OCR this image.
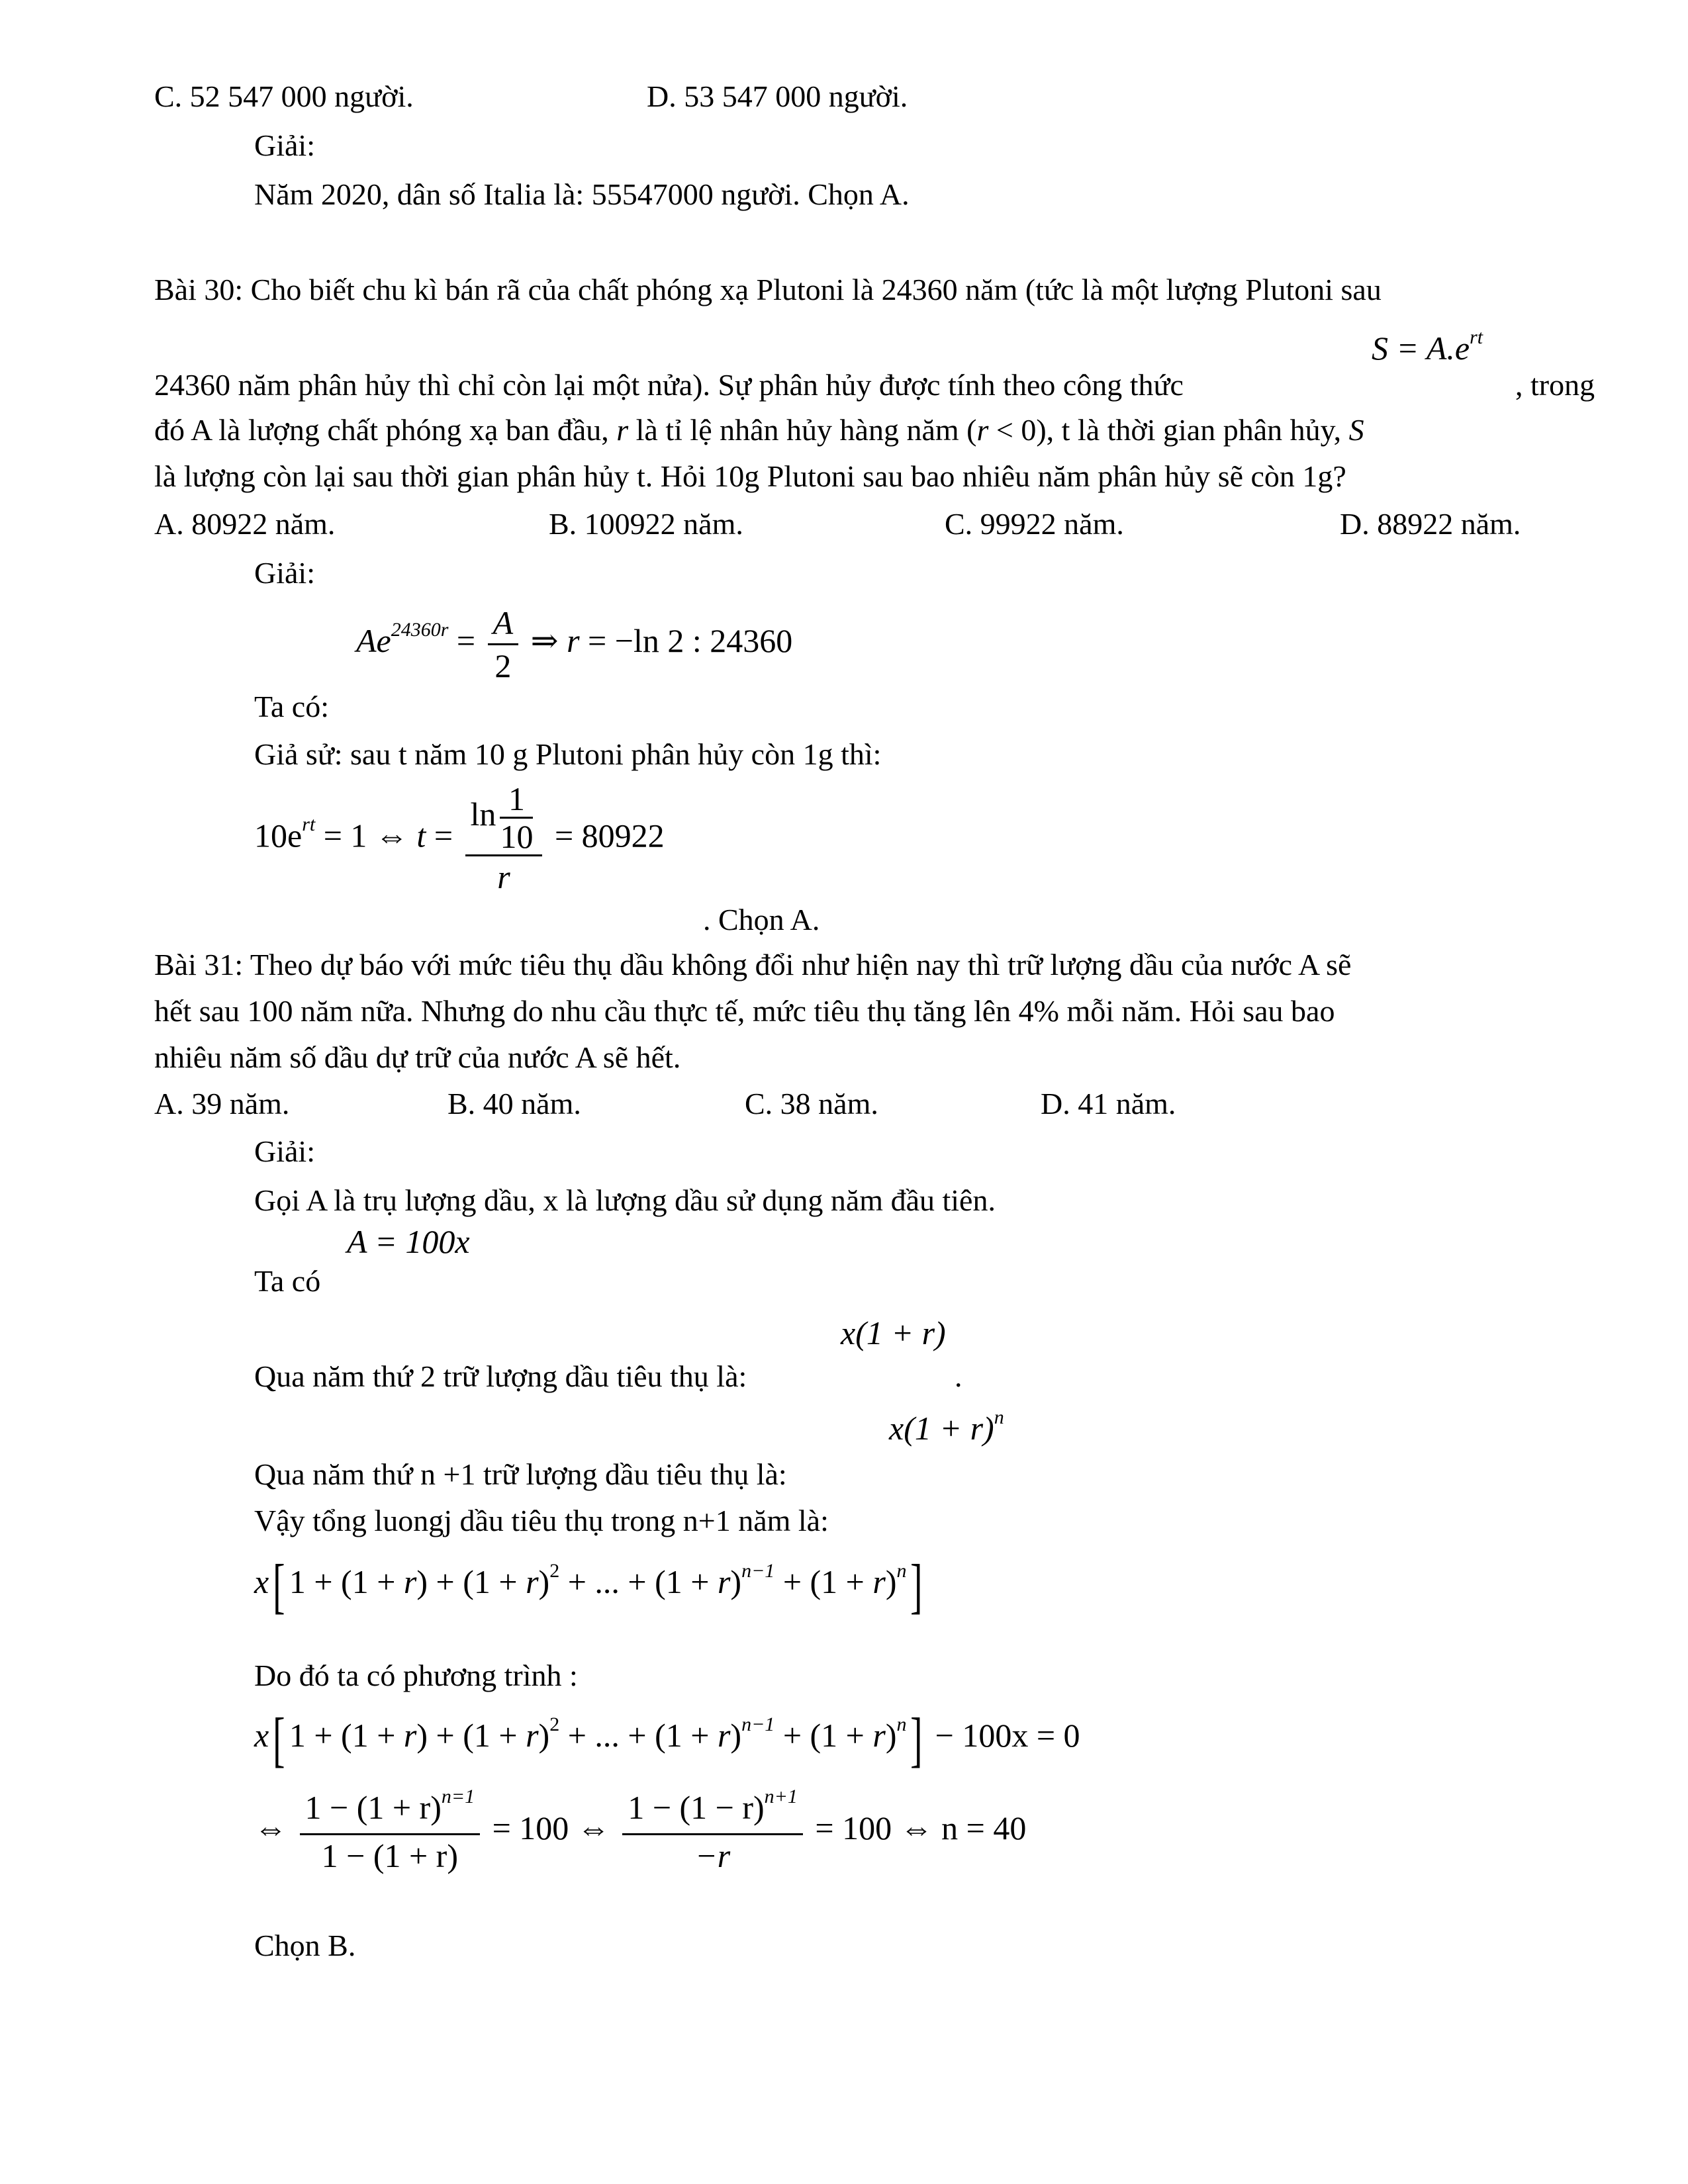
C. 52 547 000 người.	D. 53 547 000 người.
Giải:
Năm 2020, dân số Italia là: 55547000 người. Chọn A.
Bài 30: Cho biết chu kì bán rã của chất phóng xạ Plutoni là 24360 năm (tức là một lượng Plutoni sau
$S = A.e^{rt}$
24360 năm phân hủy thì chỉ còn lại một nửa). Sự phân hủy được tính theo công thức	, trong
đó A là lượng chất phóng xạ ban đầu, r là tỉ lệ nhân hủy hàng năm (r < 0), t là thời gian phân hủy, S
là lượng còn lại sau thời gian phân hủy t. Hỏi 10g Plutoni sau bao nhiêu năm phân hủy sẽ còn 1g?
A. 80922 năm.	B. 100922 năm.	C. 99922 năm.	D. 88922 năm.
Giải:
$Ae^{24360r} = \frac{A}{2}$ ⇒ r = −ln 2 : 24360
Ta có:
Giả sử: sau t năm 10 g Plutoni phân hủy còn 1g thì:
$10e^{rt} = 1$ ⇔ $t = \frac{\ln \frac{1}{10}}{r} = 80922$
. Chọn A.
Bài 31: Theo dự báo với mức tiêu thụ dầu không đổi như hiện nay thì trữ lượng dầu của nước A sẽ
hết sau 100 năm nữa. Nhưng do nhu cầu thực tế, mức tiêu thụ tăng lên 4% mỗi năm. Hỏi sau bao
nhiêu năm số dầu dự trữ của nước A sẽ hết.
A. 39 năm.	B. 40 năm.	C. 38 năm.	D. 41 năm.
Giải:
Gọi A là trụ lượng dầu, x là lượng dầu sử dụng năm đầu tiên.
A = 100x
Ta có
x(1 + r)
Qua năm thứ 2 trữ lượng dầu tiêu thụ là:	.
$x(1 + r)^n$
Qua năm thứ n +1 trữ lượng dầu tiêu thụ là:
Vậy tổng luongj dầu tiêu thụ trong n+1 năm là:
x[ $1 + (1 + r) + (1 + r)^2$ + ... + $(1 + r)^{n-1} + (1 + r)^n$]
Do đó ta có phương trình :
x[ $1 + (1 + r) + (1 + r)^2$ + ... + $(1 + r)^{n-1} + (1 + r)^n] - 100x = 0$
⇔ $\frac{1 - (1 + r)^{n=1}}{1 - (1 + r)} = 100$ ⇔ $\frac{1 - (1 - r)^{n+1}}{-r} = 100$ ⇔ n = 40
Chọn B.
